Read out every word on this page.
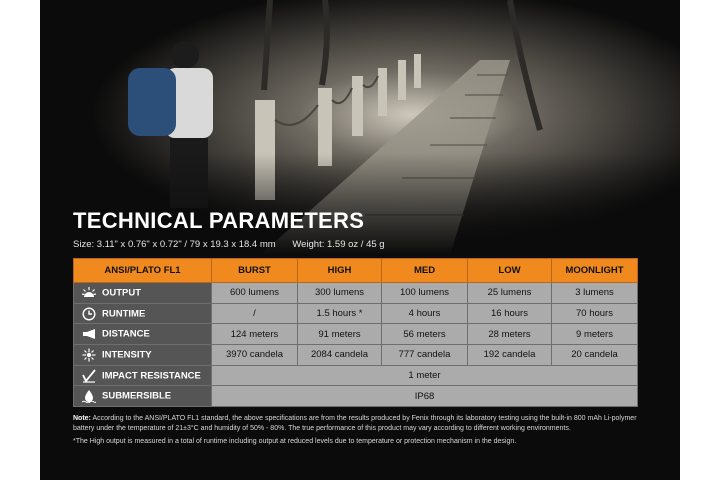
TECHNICAL PARAMETERS
Size: 3.11" x 0.76" x 0.72" / 79 x 19.3 x 18.4 mm Weight: 1.59 oz / 45 g
ANSI/PLATO FL1	BURST	HIGH	MED	LOW	MOONLIGHT

OUTPUT	600 lumens	300 lumens	100 lumens	25 lumens	3 lumens

RUNTIME	/	1.5 hours *	4 hours	16 hours	70 hours

DISTANCE	124 meters	91 meters	56 meters	28 meters	9 meters

INTENSITY	3970 candela	2084 candela	777 candela	192 candela	20 candela

IMPACT RESISTANCE	1 meter				

SUBMERSIBLE	IP68				
Note: According to the ANSI/PLATO FL1 standard, the above specifications are from the results produced by Fenix through its laboratory testing using the built-in 800 mAh Li-polymer battery under the temperature of 21±3°C and humidity of 50% - 80%. The true performance of this product may vary according to different working environments.
*The High output is measured in a total of runtime including output at reduced levels due to temperature or protection mechanism in the design.
